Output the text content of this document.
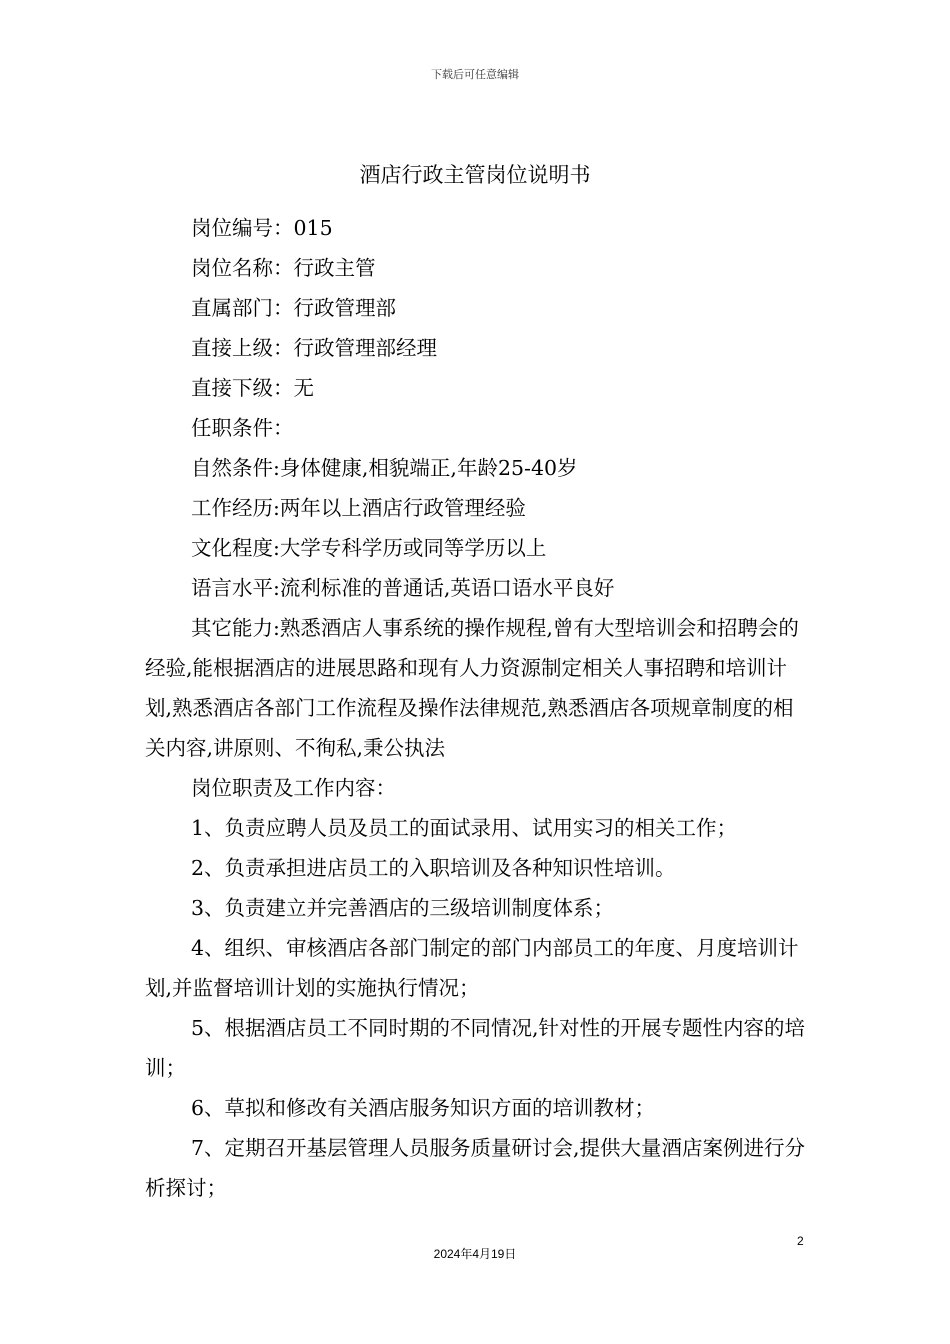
下载后可任意编辑
酒店行政主管岗位说明书

岗位编号：015

岗位名称：行政主管

直属部门：行政管理部

直接上级：行政管理部经理

直接下级：无

任职条件：

自然条件:身体健康,相貌端正,年龄25-40岁

工作经历:两年以上酒店行政管理经验

文化程度:大学专科学历或同等学历以上

语言水平:流利标准的普通话,英语口语水平良好

其它能力:熟悉酒店人事系统的操作规程,曾有大型培训会和招聘会的经验,能根据酒店的进展思路和现有人力资源制定相关人事招聘和培训计划,熟悉酒店各部门工作流程及操作法律规范,熟悉酒店各项规章制度的相关内容,讲原则、不徇私,秉公执法

岗位职责及工作内容：

1、负责应聘人员及员工的面试录用、试用实习的相关工作；

2、负责承担进店员工的入职培训及各种知识性培训。

3、负责建立并完善酒店的三级培训制度体系；

4、组织、审核酒店各部门制定的部门内部员工的年度、月度培训计划,并监督培训计划的实施执行情况；

5、根据酒店员工不同时期的不同情况,针对性的开展专题性内容的培训；

6、草拟和修改有关酒店服务知识方面的培训教材；

7、定期召开基层管理人员服务质量研讨会,提供大量酒店案例进行分析探讨；

2
2024年4月19日
